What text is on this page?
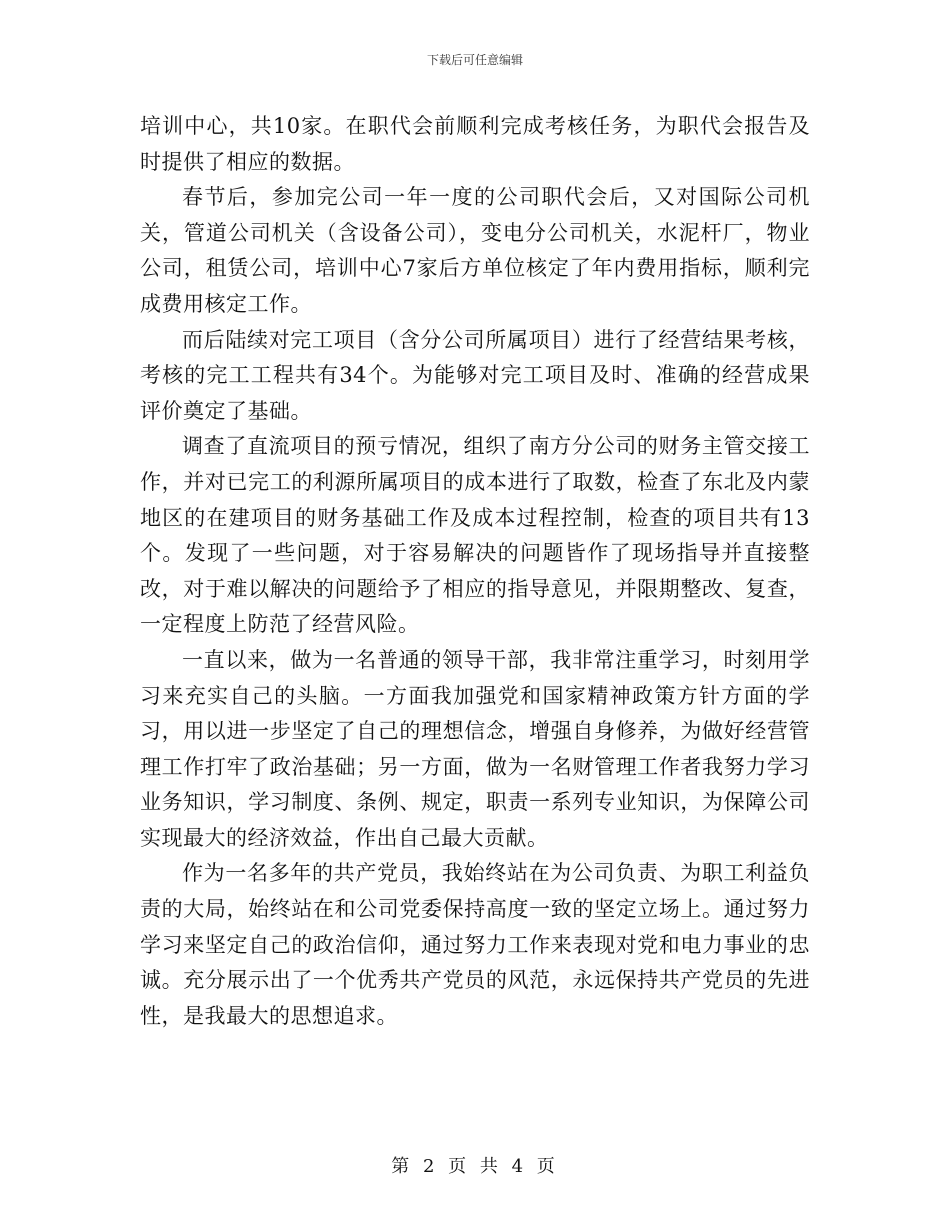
下载后可任意编辑

培训中心，共10家。在职代会前顺利完成考核任务，为职代会报告及时提供了相应的数据。

春节后，参加完公司一年一度的公司职代会后，又对国际公司机关，管道公司机关（含设备公司），变电分公司机关，水泥杆厂，物业公司，租赁公司，培训中心7家后方单位核定了年内费用指标，顺利完成费用核定工作。

而后陆续对完工项目（含分公司所属项目）进行了经营结果考核，考核的完工工程共有34个。为能够对完工项目及时、准确的经营成果评价奠定了基础。

调查了直流项目的预亏情况，组织了南方分公司的财务主管交接工作，并对已完工的利源所属项目的成本进行了取数，检查了东北及内蒙地区的在建项目的财务基础工作及成本过程控制，检查的项目共有13个。发现了一些问题，对于容易解决的问题皆作了现场指导并直接整改，对于难以解决的问题给予了相应的指导意见，并限期整改、复查，一定程度上防范了经营风险。

一直以来，做为一名普通的领导干部，我非常注重学习，时刻用学习来充实自己的头脑。一方面我加强党和国家精神政策方针方面的学习，用以进一步坚定了自己的理想信念，增强自身修养，为做好经营管理工作打牢了政治基础；另一方面，做为一名财管理工作者我努力学习业务知识，学习制度、条例、规定，职责一系列专业知识，为保障公司实现最大的经济效益，作出自己最大贡献。

作为一名多年的共产党员，我始终站在为公司负责、为职工利益负责的大局，始终站在和公司党委保持高度一致的坚定立场上。通过努力学习来坚定自己的政治信仰，通过努力工作来表现对党和电力事业的忠诚。充分展示出了一个优秀共产党员的风范，永远保持共产党员的先进性，是我最大的思想追求。

第 2 页 共 4 页
